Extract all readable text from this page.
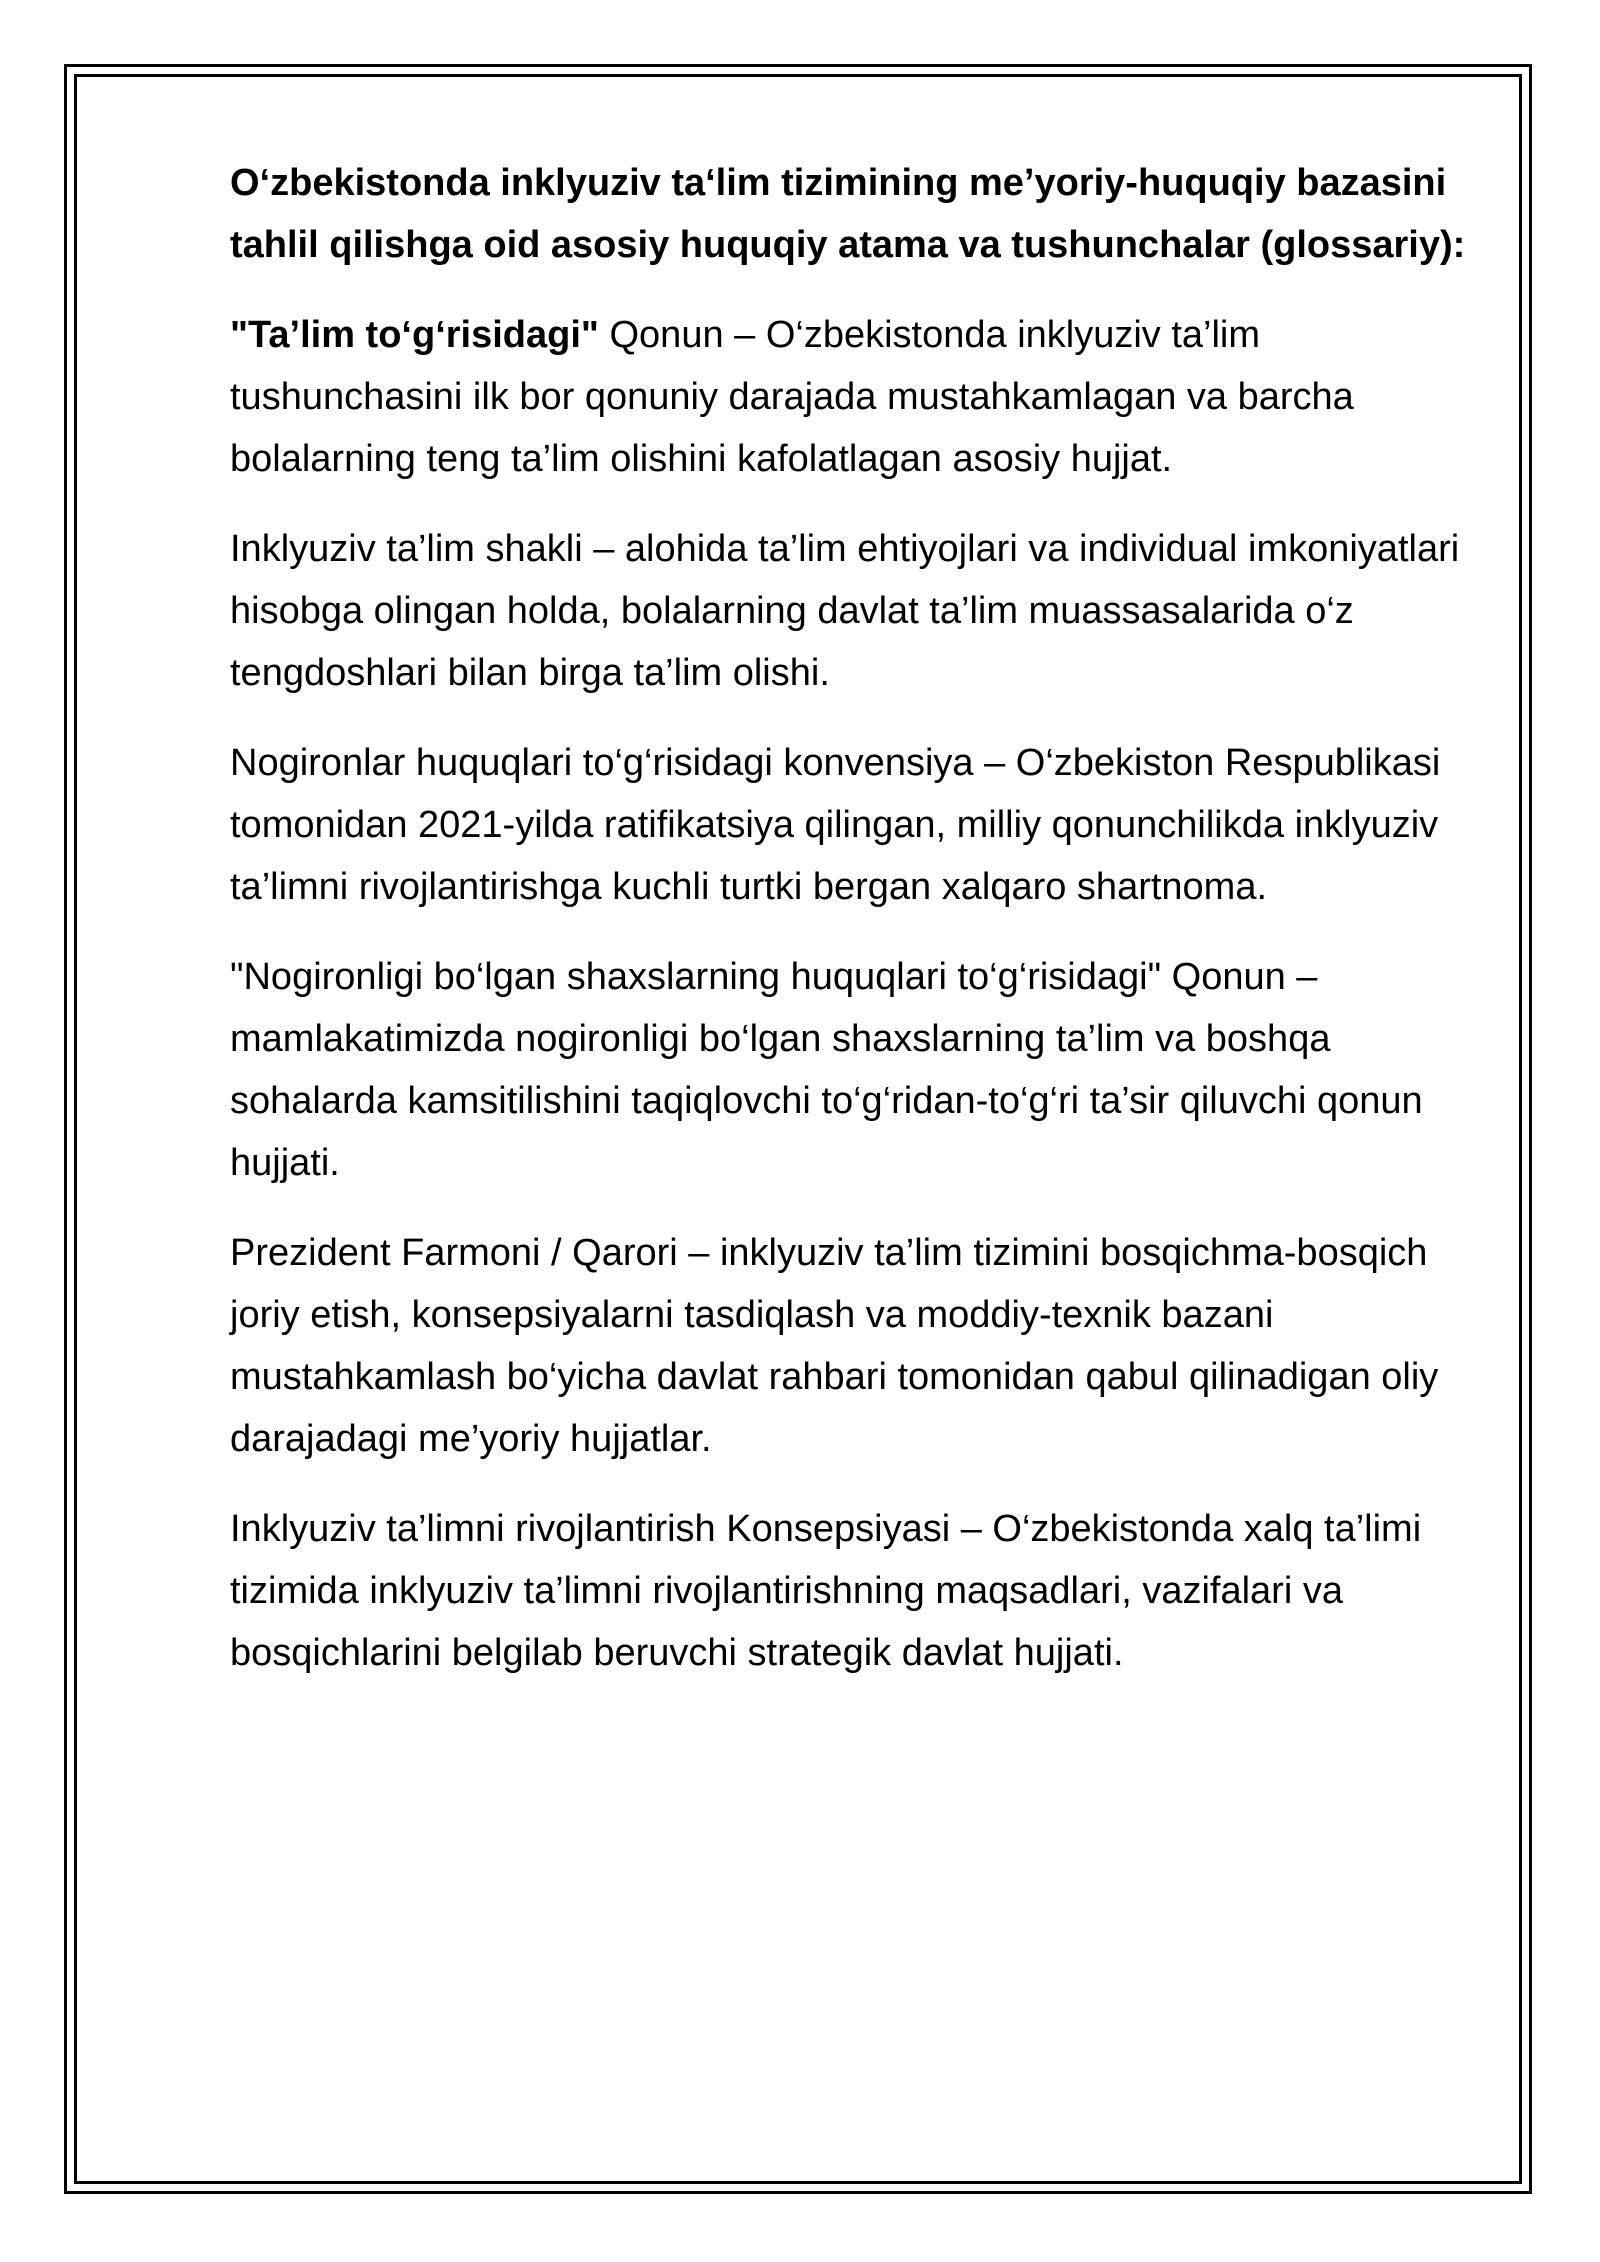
O‘zbekistonda inklyuziv ta‘lim tizimining me’yoriy-huquqiy bazasini tahlil qilishga oid asosiy huquqiy atama va tushunchalar (glossariy):

"Ta’lim to‘g‘risidagi" Qonun – O‘zbekistonda inklyuziv ta’lim tushunchasini ilk bor qonuniy darajada mustahkamlagan va barcha bolalarning teng ta’lim olishini kafolatlagan asosiy hujjat.

Inklyuziv ta’lim shakli – alohida ta’lim ehtiyojlari va individual imkoniyatlari hisobga olingan holda, bolalarning davlat ta’lim muassasalarida o‘z tengdoshlari bilan birga ta’lim olishi.

Nogironlar huquqlari to‘g‘risidagi konvensiya – O‘zbekiston Respublikasi tomonidan 2021-yilda ratifikatsiya qilingan, milliy qonunchilikda inklyuziv ta’limni rivojlantirishga kuchli turtki bergan xalqaro shartnoma.

"Nogironligi bo‘lgan shaxslarning huquqlari to‘g‘risidagi" Qonun – mamlakatimizda nogironligi bo‘lgan shaxslarning ta’lim va boshqa sohalarda kamsitilishini taqiqlovchi to‘g‘ridan-to‘g‘ri ta’sir qiluvchi qonun hujjati.

Prezident Farmoni / Qarori – inklyuziv ta’lim tizimini bosqichma-bosqich joriy etish, konsepsiyalarni tasdiqlash va moddiy-texnik bazani mustahkamlash bo‘yicha davlat rahbari tomonidan qabul qilinadigan oliy darajadagi me’yoriy hujjatlar.

Inklyuziv ta’limni rivojlantirish Konsepsiyasi – O‘zbekistonda xalq ta’limi tizimida inklyuziv ta’limni rivojlantirishning maqsadlari, vazifalari va bosqichlarini belgilab beruvchi strategik davlat hujjati.
